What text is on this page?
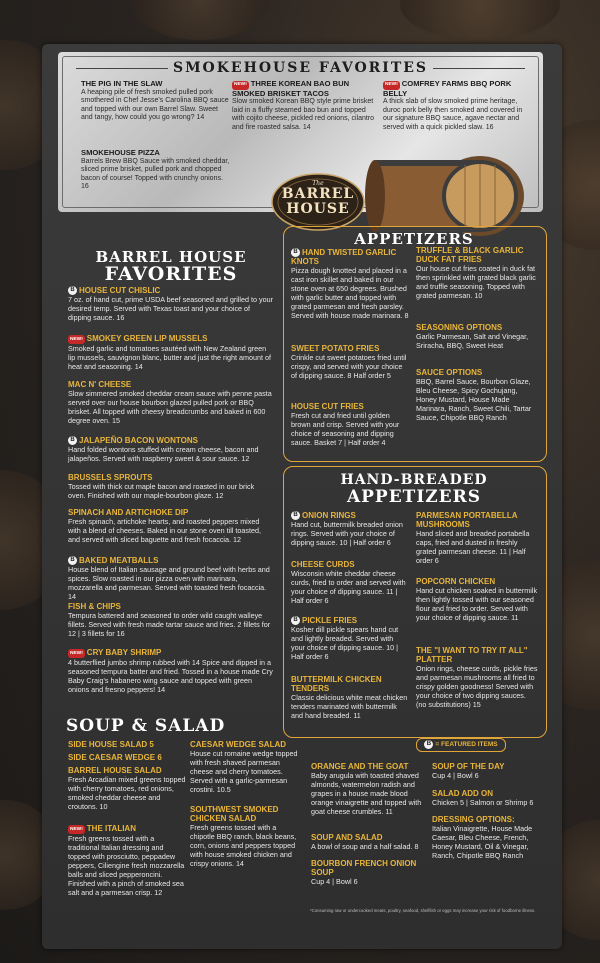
SMOKEHOUSE FAVORITES
THE PIG IN THE SLAW
A heaping pile of fresh smoked pulled pork smothered in Chef Jesse's Carolina BBQ sauce and topped with our own Barrel Slaw. Sweet and tangy, how could you go wrong? 14
NEW! THREE KOREAN BAO BUN SMOKED BRISKET TACOS
Slow smoked Korean BBQ style prime brisket laid in a fluffy steamed bao bun and topped with cojito cheese, pickled red onions, cilantro and fire roasted salsa. 14
NEW! COMFREY FARMS BBQ PORK BELLY
A thick slab of slow smoked prime heritage, duroc pork belly then smoked and covered in our signature BBQ sauce, agave nectar and served with a quick pickled slaw. 16
SMOKEHOUSE PIZZA
Barrels Brew BBQ Sauce with smoked cheddar, sliced prime brisket, pulled pork and chopped bacon of course! Topped with crunchy onions. 16	The
BARREL
HOUSE
BARREL HOUSE
FAVORITES
B HOUSE CUT CHISLIC
7 oz. of hand cut, prime USDA beef seasoned and grilled to your desired temp. Served with Texas toast and your choice of dipping sauce. 16
NEW! SMOKEY GREEN LIP MUSSELS
Smoked garlic and tomatoes sautéed with New Zealand green lip mussels, sauvignon blanc, butter and just the right amount of heat and seasoning. 14
MAC N' CHEESE
Slow simmered smoked cheddar cream sauce with penne pasta served over our house bourbon glazed pulled pork or BBQ brisket. All topped with cheesy breadcrumbs and baked in 600 degree oven. 15
B JALAPEÑO BACON WONTONS
Hand folded wontons stuffed with cream cheese, bacon and jalapeños. Served with raspberry sweet & sour sauce. 12
BRUSSELS SPROUTS
Tossed with thick cut maple bacon and roasted in our brick oven. Finished with our maple-bourbon glaze. 12
SPINACH AND ARTICHOKE DIP
Fresh spinach, artichoke hearts, and roasted peppers mixed with a blend of cheeses. Baked in our stone oven till toasted, and served with sliced baguette and fresh focaccia. 12
B BAKED MEATBALLS
House blend of Italian sausage and ground beef with herbs and spices. Slow roasted in our pizza oven with marinara, mozzarella and parmesan. Served with toasted fresh focaccia. 14
FISH & CHIPS
Tempura battered and seasoned to order wild caught walleye fillets. Served with fresh made tartar sauce and fries. 2 fillets for 12 | 3 fillets for 16
NEW! CRY BABY SHRIMP
4 butterflied jumbo shrimp rubbed with 14 Spice and dipped in a seasoned tempura batter and fried. Tossed in a house made Cry Baby Craig's habanero wing sauce and topped with green onions and fresno peppers! 14
APPETIZERS
B HAND TWISTED GARLIC KNOTS
Pizza dough knotted and placed in a cast iron skillet and baked in our stone oven at 650 degrees. Brushed with garlic butter and topped with grated parmesan and fresh parsley. Served with house made marinara. 8
SWEET POTATO FRIES
Crinkle cut sweet potatoes fried until crispy, and served with your choice of dipping sauce. 8 Half order 5
HOUSE CUT FRIES
Fresh cut and fried until golden brown and crisp. Served with your choice of seasoning and dipping sauce. Basket 7 | Half order 4
TRUFFLE & BLACK GARLIC DUCK FAT FRIES
Our house cut fries coated in duck fat then sprinkled with grated black garlic and truffle seasoning. Topped with grated parmesan. 10
SEASONING OPTIONS
Garlic Parmesan, Salt and Vinegar, Sriracha, BBQ, Sweet Heat
SAUCE OPTIONS
BBQ, Barrel Sauce, Bourbon Glaze, Bleu Cheese, Spicy Gochujang, Honey Mustard, House Made Marinara, Ranch, Sweet Chili, Tartar Sauce, Chipotle BBQ Ranch
HAND-BREADED
APPETIZERS
B ONION RINGS
Hand cut, buttermilk breaded onion rings. Served with your choice of dipping sauce. 10 | Half order 6
CHEESE CURDS
Wisconsin white cheddar cheese curds, fried to order and served with your choice of dipping sauce. 11 | Half order 6
B PICKLE FRIES
Kosher dill pickle spears hand cut and lightly breaded. Served with your choice of dipping sauce. 10 | Half order 6
BUTTERMILK CHICKEN TENDERS
Classic delicious white meat chicken tenders marinated with buttermilk and hand breaded. 11
PARMESAN PORTABELLA MUSHROOMS
Hand sliced and breaded portabella caps, fried and dusted in freshly grated parmesan cheese. 11 | Half order 6
POPCORN CHICKEN
Hand cut chicken soaked in buttermilk then lightly tossed with our seasoned flour and fried to order. Served with your choice of dipping sauce. 11
THE "I WANT TO TRY IT ALL" PLATTER
Onion rings, cheese curds, pickle fries and parmesan mushrooms all fried to crispy golden goodness! Served with your choice of two dipping sauces. (no substitutions) 15
B = FEATURED ITEMS
SOUP & SALAD
SIDE HOUSE SALAD 5
SIDE CAESAR WEDGE 6
BARREL HOUSE SALAD
Fresh Arcadian mixed greens topped with cherry tomatoes, red onions, smoked cheddar cheese and croutons. 10
NEW! THE ITALIAN
Fresh greens tossed with a traditional Italian dressing and topped with prosciutto, peppadew peppers, Ciliengine fresh mozzarella balls and sliced pepperoncini. Finished with a pinch of smoked sea salt and a parmesan crisp. 12
CAESAR WEDGE SALAD
House cut romaine wedge topped with fresh shaved parmesan cheese and cherry tomatoes. Served with a garlic-parmesan crostini. 10.5
SOUTHWEST SMOKED CHICKEN SALAD
Fresh greens tossed with a chipotle BBQ ranch, black beans, corn, onions and peppers topped with house smoked chicken and crispy onions. 14
ORANGE AND THE GOAT
Baby arugula with toasted shaved almonds, watermelon radish and grapes in a house made blood orange vinaigrette and topped with goat cheese crumbles. 11
SOUP AND SALAD
A bowl of soup and a half salad. 8
BOURBON FRENCH ONION SOUP
Cup 4 | Bowl 6
SOUP OF THE DAY
Cup 4 | Bowl 6
SALAD ADD ON
Chicken 5 | Salmon or Shrimp 6
DRESSING OPTIONS:
Italian Vinaigrette, House Made Caesar, Bleu Cheese, French, Honey Mustard, Oil & Vinegar, Ranch, Chipotle BBQ Ranch
*Consuming raw or undercooked meats, poultry, seafood, shellfish or eggs may increase your risk of foodborne illness.
